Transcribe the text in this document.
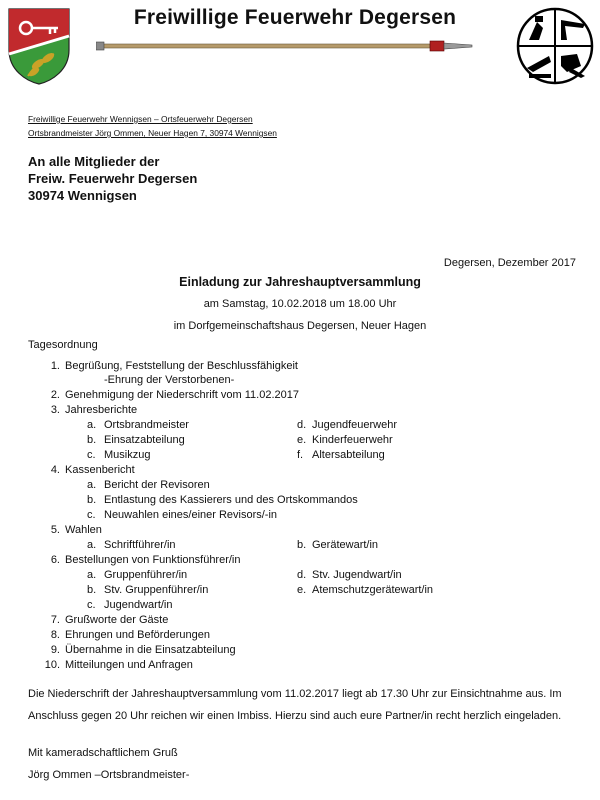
Freiwillige Feuerwehr Degersen
Freiwillige Feuerwehr Wennigsen – Ortsfeuerwehr Degersen
Ortsbrandmeister Jörg Ommen, Neuer Hagen 7, 30974 Wennigsen
An alle Mitglieder der
Freiw. Feuerwehr Degersen
30974 Wennigsen
Degersen, Dezember 2017
Einladung zur Jahreshauptversammlung
am Samstag, 10.02.2018 um 18.00 Uhr
im Dorfgemeinschaftshaus Degersen, Neuer Hagen
Tagesordnung
1. Begrüßung, Feststellung der Beschlussfähigkeit
-Ehrung der Verstorbenen-
2. Genehmigung der Niederschrift vom 11.02.2017
3. Jahresberichte
a. Ortsbrandmeister	d. Jugendfeuerwehr
b. Einsatzabteilung	e. Kinderfeuerwehr
c. Musikzug	f. Altersabteilung
4. Kassenbericht
a. Bericht der Revisoren
b. Entlastung des Kassierers und des Ortskommandos
c. Neuwahlen eines/einer Revisors/-in
5. Wahlen
a. Schriftführer/in	b. Gerätewart/in
6. Bestellungen von Funktionsführer/in
a. Gruppenführer/in	d. Stv. Jugendwart/in
b. Stv. Gruppenführer/in	e. Atemschutzgerätewart/in
c. Jugendwart/in
7. Grußworte der Gäste
8. Ehrungen und Beförderungen
9. Übernahme in die Einsatzabteilung
10. Mitteilungen und Anfragen
Die Niederschrift der Jahreshauptversammlung vom 11.02.2017 liegt ab 17.30 Uhr zur Einsichtnahme aus. Im
Anschluss gegen 20 Uhr reichen wir einen Imbiss. Hierzu sind auch eure Partner/in recht herzlich eingeladen.
Mit kameradschaftlichem Gruß
Jörg Ommen –Ortsbrandmeister-
